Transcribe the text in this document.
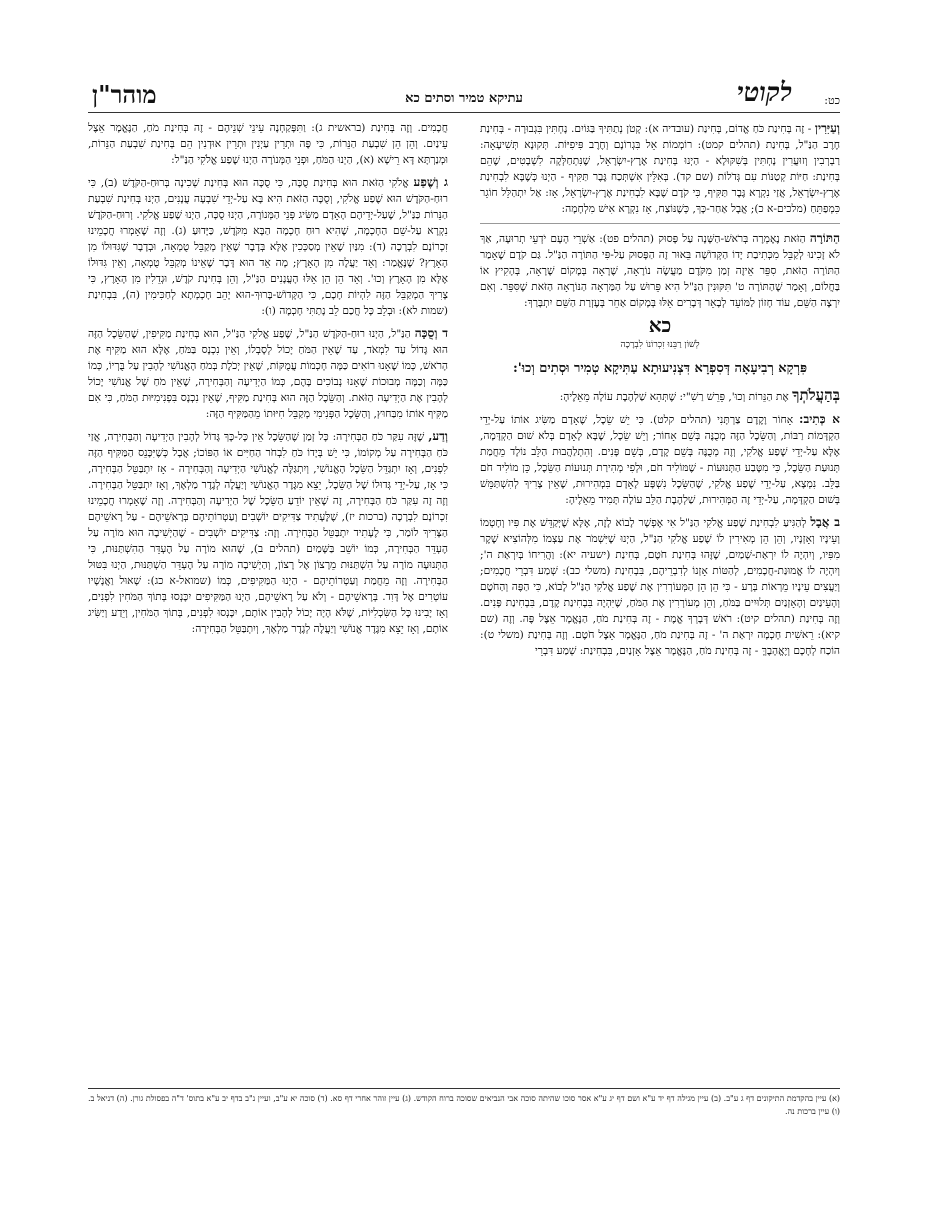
כט:
לקוטי
עתיקא טמיר וסתים כא
מוהר"ן

וְעַיִּרִין - זֶה בְּחִינַת כֹּחַ אֱדוֹם, בְּחִינַת (עובדיה א): קָטֹן נְתַתִּיךָ בַּגּוֹיִם. נָחְתִּין בִּגְבוּרָה - בְּחִינַת חֶרֶב הַנַּ"ל, בְּחִינַת (תהלים קמט): רוֹמְמוֹת אֵל בִּגְרוֹנָם וְחֶרֶב פִּיפִיּוֹת. תְּקוּנָא תְּשִׁיעָאָה: רַבְרְבִין וְזוּעֲרִין נָחְתִּין בְּשִׁקּוּלָא - הַיְנוּ בְּחִינַת אֶרֶץ-יִשְׂרָאֵל, שֶׁנִּתְחַלְּקָה לִשְׁבָטִים, שֶׁהֵם בְּחִינַת: חַיּוֹת קְטַנּוֹת עִם גְּדֹלוֹת (שם קד). בְּאִלֵּין אִשְׁתְּכַח גֶּבֶר תַּקִּיף - הַיְנוּ כְּשֶׁבָּא לִבְחִינַת אֶרֶץ-יִשְׂרָאֵל, אֲזַי נִקְרָא גֶּבֶר תַּקִּיף, כִּי קֹדֶם שֶׁבָּא לִבְחִינַת אֶרֶץ-יִשְׂרָאֵל, אָז: אַל יִתְהַלֵּל חוֹגֵר כִּמְפַתֵּחַ (מלכים-א כ); אֲבָל אַחַר-כָּךְ, כְּשֶׁנּוֹצַח, אָז נִקְרָא אִישׁ מִלְחָמָה:

הַתּוֹרָה הַזֹּאת נֶאֶמְרָה בְּרֹאשׁ-הַשָּׁנָה עַל פָּסוּק (תהלים פט): אַשְׁרֵי הָעָם יֹדְעֵי תְרוּעָה, אַךְ לֹא זָכִינוּ לְקַבֵּל מִכְּתִיבַת יָדוֹ הַקְּדוֹשָׁה בֵּאוּר זֶה הַפָּסוּק עַל-פִּי הַתּוֹרָה הַנַּ"ל. גַּם קֹדֶם שֶׁאָמַר הַתּוֹרָה הַזֹּאת, סִפֵּר אֵיזֶה זְמַן מִקֹּדֶם מַעֲשֶׂה נוֹרָאָה, שֶׁרָאָה בְּמָקוֹם שֶׁרָאָה, בְּהָקִיץ אוֹ בַּחֲלוֹם, וְאָמַר שֶׁהַתּוֹרָה ט' תִּקּוּנִין הַנַּ"ל הִיא פֵּרוּשׁ עַל הַמַּרְאָה הַנּוֹרָאָה הַזֹּאת שֶׁסִּפֵּר. וְאִם יִרְצֶה הַשֵּׁם, עוֹד חָזוֹן לַמּוֹעֵד לְבָאֵר דְּבָרִים אֵלּוּ בְּמָקוֹם אַחֵר בְּעֶזְרַת הַשֵּׁם יִתְבָּרַךְ:

כא
לְשׁוֹן רַבֵּנוּ זִכְרוֹנוֹ לִבְרָכָה
פִּרְקָא רְבִיעָאָה דְּסִפְרָא דִּצְנִיעוּתָא עַתִּיקָא טְמִיר וּסְתִים וְכוּ':

בְּהַעֲלֹתְךָ אֶת הַנֵּרוֹת וְכוּ', פֵּרֵשׁ רַשִׁ"י: שֶׁתְּהֵא שַׁלְהֶבֶת עוֹלָה מֵאֵלֶיהָ:

א כְּתִיב: אָחוֹר וָקֶדֶם צַרְתָּנִי (תהלים קלט). כִּי יֵשׁ שֵׂכֶל, שֶׁאָדָם מַשִּׂיג אוֹתוֹ עַל-יְדֵי הַקְדָּמוֹת רַבּוֹת, וְהַשֵּׂכֶל הַזֶּה מְכֻנֶּה בְּשֵׁם אָחוֹר; וְיֵשׁ שֵׂכֶל, שֶׁבָּא לָאָדָם בְּלֹא שׁוּם הַקְדָּמָה, אֶלָּא עַל-יְדֵי שֶׁפַע אֱלֹקִי, וְזֶה מְכֻנֶּה בְּשֵׁם קֶדֶם, בְּשֵׁם פָּנִים. וְהִתְלַהֲבוּת הַלֵּב נוֹלָד מֵחֲמַת תְּנוּעַת הַשֵּׂכֶל, כִּי מִטֶּבַע הַתְּנוּעוֹת - שֶׁמּוֹלִיד חֹם, וּלְפִי מְהִירַת תְּנוּעוֹת הַשֵּׂכֶל, כֵּן מוֹלִיד חֹם בַּלֵּב. נִמְצָא, עַל-יְדֵי שֶׁפַע אֱלֹקִי, שֶׁהַשֵּׂכֶל נִשְׁפָּע לָאָדָם בִּמְהִירוּת, שֶׁאֵין צָרִיךְ לְהִשְׁתַּמֵּשׁ בְּשׁוּם הַקְדָּמָה, עַל-יְדֵי זֶה הַמְּהִירוּת, שַׁלְהֶבֶת הַלֵּב עוֹלָה תָּמִיד מֵאֵלֶיהָ:

ב אֲבָל לְהַגִּיעַ לִבְחִינַת שֶׁפַע אֱלֹקִי הַנַּ"ל אִי אֶפְשָׁר לָבוֹא לָזֶה, אֶלָּא שֶׁיְּקַדֵּשׁ אֶת פִּיו וְחָטְמוֹ וְעֵינָיו וְאָזְנָיו, וְהֵן הֵן מְאִירִין לוֹ שֶׁפַע אֱלֹקִי הַנַּ"ל, הַיְנוּ שֶׁיִּשְׁמֹר אֶת עַצְמוֹ מִלְּהוֹצִיא שֶׁקֶר מִפִּיו, וְיִהְיֶה לוֹ יִרְאַת-שָׁמַיִם, שֶׁזֶּהוּ בְּחִינַת חֹטֶם, בְּחִינַת (ישעיה יא): וַהֲרִיחוֹ בְּיִרְאַת ה'; וְיִהְיֶה לוֹ אֱמוּנַת-חֲכָמִים, לְהַטּוֹת אָזְנוֹ לְדִבְרֵיהֶם, בִּבְחִינַת (משלי כב): שְׁמַע דִּבְרֵי חֲכָמִים; וְיַעֲצִים עֵינָיו מֵרְאוֹת בְּרָע - כִּי הֵן הֵן הַמְּעוֹרְרִין אֶת שֶׁפַע אֱלֹקִי הַנַּ"ל לָבוֹא, כִּי הַפֶּה וְהַחֹטֶם וְהָעֵינַיִם וְהָאָזְנַיִם תְּלוּיִים בַּמֹּחַ, וְהֵן מְעוֹרְרִין אֶת הַמֹּחַ, שֶׁיִּהְיֶה בִּבְחִינַת קֶדֶם, בִּבְחִינַת פָּנִים. וְזֶה בְּחִינַת (תהלים קיט): רֹאשׁ דְּבָרְךָ אֱמֶת - זֶה בְּחִינַת מֹחַ, הַנֶּאֱמָר אֵצֶל פֶּה. וְזֶה (שם קיא): רֵאשִׁית חָכְמָה יִרְאַת ה' - זֶה בְּחִינַת מֹחַ, הַנֶּאֱמָר אֵצֶל חֹטֶם. וְזֶה בְּחִינַת (משלי ט): הוֹכַח לְחָכָם וְיֶאֱהָבֶךָּ - זֶה בְּחִינַת מֹחַ, הַנֶּאֱמָר אֵצֶל אָזְנַיִם, בִּבְחִינַת: שְׁמַע דִּבְרֵי

חֲכָמִים. וְזֶה בְּחִינַת (בראשית ג): וַתִּפָּקַחְנָה עֵינֵי שְׁנֵיהֶם - זֶה בְּחִינַת מֹחַ, הַנֶּאֱמָר אֵצֶל עֵינַיִם. וְהֵן הֵן שִׁבְעַת הַנֵּרוֹת, כִּי פֶּה וּתְרֵין עַיְנִין וּתְרֵין אוּדְנִין הֵם בְּחִינַת שִׁבְעַת הַנֵּרוֹת, וּמְנַרְתָּא דָּא רֵישָׁא (א), הַיְנוּ הַמֹּחַ, וּפְנֵי הַמְּנוֹרָה הַיְנוּ שֶׁפַע אֱלֹקִי הַנַּ"ל:

ג וְשֶׁפַע אֱלֹקִי הַזֹּאת הוּא בְּחִינַת סֻכָּה, כִּי סֻכָּה הוּא בְּחִינַת שְׁכִינָה בְּרוּחַ-הַקֹּדֶשׁ (ב), כִּי רוּחַ-הַקֹּדֶשׁ הוּא שֶׁפַע אֱלֹקִי, וְסֻכָּה הַזֹּאת הִיא בָּא עַל-יְדֵי שִׁבְעָה עֲנָנִים, הַיְנוּ בְּחִינַת שִׁבְעַת הַנֵּרוֹת כַּנַּ"ל, שֶׁעַל-יְדֵיהֶם הָאָדָם מַשִּׂיג פְּנֵי הַמְּנוֹרָה, הַיְנוּ סֻכָּה, הַיְנוּ שֶׁפַע אֱלֹקִי. וְרוּחַ-הַקֹּדֶשׁ נִקְרָא עַל-שֵׁם הַחָכְמָה, שֶׁהִיא רוּחַ חָכְמָה הַבָּא מִקֹּדֶשׁ, כַּיָּדוּעַ (ג). וְזֶה שֶׁאָמְרוּ חֲכָמֵינוּ זִכְרוֹנָם לִבְרָכָה (ד): מִנַּיִן שֶׁאֵין מְסַכְּכִין אֶלָּא בְּדָבָר שֶׁאֵין מְקַבֵּל טֻמְאָה, וּבְדָבָר שֶׁגִּדּוּלוֹ מִן הָאָרֶץ? שֶׁנֶּאֱמַר: וְאֵד יַעֲלֶה מִן הָאָרֶץ; מָה אֵד הוּא דָּבָר שֶׁאֵינוֹ מְקַבֵּל טֻמְאָה, וְאֵין גִּדּוּלוֹ אֶלָּא מִן הָאָרֶץ וְכוּ'. וְאֵד הֵן הֵן אֵלּוּ הָעֲנָנִים הַנַּ"ל, וְהֵן בְּחִינַת קֹדֶשׁ, וּגְדֵלִין מִן הָאָרֶץ, כִּי צָרִיךְ הַמְקַבֵּל הַזֶּה לִהְיוֹת חָכָם, כִּי הַקָּדוֹשׁ-בָּרוּךְ-הוּא יָהֵב חָכְמְתָא לְחַכִּימִין (ה), בִּבְחִינַת (שמות לא): וּבְלֵב כָּל חֲכַם לֵב נָתַתִּי חָכְמָה (ו):

ד וְסֻכָּה הַנַּ"ל, הַיְנוּ רוּחַ-הַקֹּדֶשׁ הַנַּ"ל, שֶׁפַע אֱלֹקִי הַנַּ"ל, הוּא בְּחִינַת מַקִּיפִין, שֶׁהַשֵּׂכֶל הַזֶּה הוּא גָּדוֹל עַד לִמְאֹד, עַד שֶׁאֵין הַמֹּחַ יָכוֹל לְסָבְלוֹ, וְאֵין נִכְנָס בַּמֹּחַ, אֶלָּא הוּא מַקִּיף אֶת הָרֹאשׁ, כְּמוֹ שֶׁאָנוּ רוֹאִים כַּמָּה חָכְמוֹת עֲמֻקּוֹת, שֶׁאֵין יְכֹלֶת בְּמֹחַ הָאֱנוֹשִׁי לְהָבִין עַל בֻּרְיוֹ, כְּמוֹ כַּמָּה וְכַמָּה מְבוּכוֹת שֶׁאָנוּ נְבוֹכִים בָּהֶם, כְּמוֹ הַיְדִיעָה וְהַבְּחִירָה, שֶׁאֵין מֹחַ שֶׁל אֱנוֹשִׁי יָכוֹל לְהָבִין אֶת הַיְדִיעָה הַזֹּאת. וְהַשֵּׂכֶל הַזֶּה הוּא בְּחִינַת מַקִּיף, שֶׁאֵין נִכְנָס בִּפְנִימִיּוּת הַמֹּחַ, כִּי אִם מַקִּיף אוֹתוֹ מִבַּחוּץ, וְהַשֵּׂכֶל הַפְּנִימִי מְקַבֵּל חִיּוּתוֹ מֵהַמַּקִּיף הַזֶּה:

וְדַע, שֶׁזֶּה עִקַּר כֹּחַ הַבְּחִירָה: כָּל זְמַן שֶׁהַשֵּׂכֶל אֵין כָּל-כָּךְ גָּדוֹל לְהָבִין הַיְדִיעָה וְהַבְּחִירָה, אֲזַי כֹּחַ הַבְּחִירָה עַל מְקוֹמוֹ, כִּי יֵשׁ בְּיָדוֹ כֹּחַ לִבְחֹר הַחַיִּים אוֹ הַפּוֹכוֹ; אֲבָל כְּשֶׁיִּכָּנֵס הַמַּקִּיף הַזֶּה לִפְנִים, וְאָז יִתְגַּדֵּל הַשֵּׂכֶל הָאֱנוֹשִׁי, וְיִתְגַּלֶּה לָאֱנוֹשִׁי הַיְדִיעָה וְהַבְּחִירָה - אָז יִתְבַּטֵּל הַבְּחִירָה, כִּי אָז, עַל-יְדֵי גְּדוּלוֹ שֶׁל הַשֵּׂכֶל, יֵצֵא מִגֶּדֶר הָאֱנוֹשִׁי וְיַעֲלֶה לְגֶדֶר מַלְאָךְ, וְאָז יִתְבַּטֵּל הַבְּחִירָה. וְזֶה זֶה עִקַּר כֹּחַ הַבְּחִירָה, זֶה שֶׁאֵין יוֹדֵעַ הַשֵּׂכֶל שֶׁל הַיְדִיעָה וְהַבְּחִירָה. וְזֶה שֶׁאָמְרוּ חֲכָמֵינוּ זִכְרוֹנָם לִבְרָכָה (ברכות יז), שֶׁלֶּעָתִיד צַדִּיקִים יוֹשְׁבִים וְעַטְרוֹתֵיהֶם בְּרָאשֵׁיהֶם - עַל רָאשֵׁיהֶם הַצָּרִיךְ לוֹמַר, כִּי לֶעָתִיד יִתְבַּטֵּל הַבְּחִירָה. וְזֶה: צַדִּיקִים יוֹשְׁבִים - שֶׁהַיְשִׁיבָה הוּא מוֹרָה עַל הֶעְדֵּר הַבְּחִירָה, כְּמוֹ יוֹשֵׁב בַּשָּׁמַיִם (תהלים ב), שֶׁהוּא מוֹרָה עַל הֶעְדֵּר הַהִשְׁתַּנּוּת, כִּי הַתְּנוּעָה מוֹרָה עַל הִשְׁתַּנּוּת מֵרָצוֹן אֶל רָצוֹן, וְהַיְשִׁיבָה מוֹרָה עַל הֶעְדֵּר הַשְׁתַּנּוּת, הַיְנוּ בִּטּוּל הַבְּחִירָה. וְזֶה מֵחֲמַת וְעַטְרוֹתֵיהֶם - הַיְנוּ הַמַּקִּיפִים, כְּמוֹ (שמואל-א כג): שָׁאוּל וַאֲנָשָׁיו עוֹטְרִים אֶל דָּוִד. בְּרָאשֵׁיהֶם - וְלֹא עַל רָאשֵׁיהֶם, הַיְנוּ הַמַּקִּיפִים יִכָּנְסוּ בְּתוֹךְ הַמֹּחִין לִפְנִים, וְאָז יָבִינוּ כָּל הַשִּׂכְלִיּוֹת, שֶׁלֹּא הָיָה יָכוֹל לְהָבִין אוֹתָם, יִכָּנְסוּ לִפְנִים, בְּתוֹךְ הַמֹּחִין, וְיֵדַע וְיַשִּׂיג אוֹתָם, וְאָז יֵצֵא מִגֶּדֶר אֱנוֹשִׁי וְיַעֲלֶה לְגֶדֶר מַלְאָךְ, וְיִתְבַּטֵּל הַבְּחִירָה:

(א) עיין בהקדמת התיקונים דף ג ע"ב. (ב) עיין מגילה דף יד ע"א ושם דף יג ע"א אסר סוכו שהיתה סוכה אבי הנביאים שסוכה ברוח הקודש. (ג) עיין זוהר אחרי דף סא. (ד) סוכה יא ע"ב, ועיין נ"ב בדף יב ע"א בתוס' ד"ה בפסולת גורן. (ה) דניאל ב. (ו) עיין ברכות נה.
